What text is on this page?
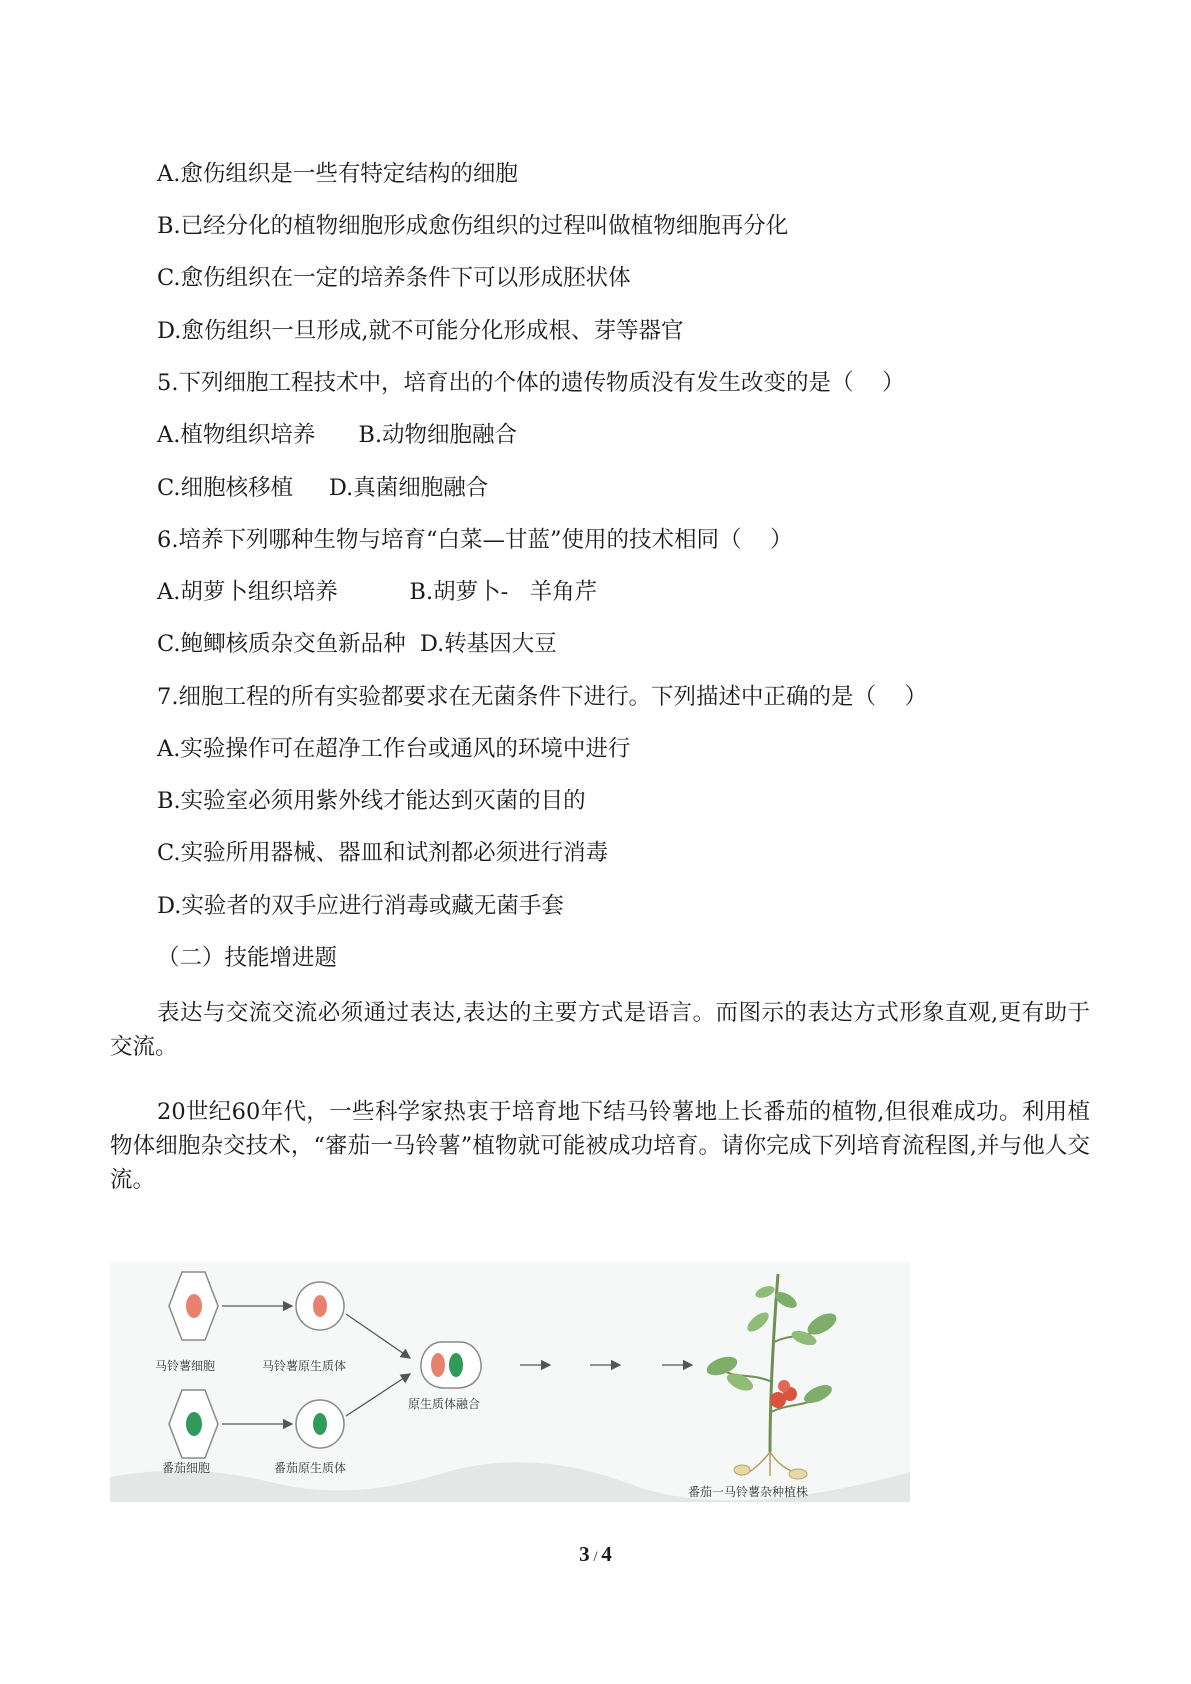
A.愈伤组织是一些有特定结构的细胞
B.已经分化的植物细胞形成愈伤组织的过程叫做植物细胞再分化
C.愈伤组织在一定的培养条件下可以形成胚状体
D.愈伤组织一旦形成,就不可能分化形成根、芽等器官
5.下列细胞工程技术中，培育出的个体的遗传物质没有发生改变的是（    ）
A.植物组织培养      B.动物细胞融合
C.细胞核移植     D.真菌细胞融合
6.培养下列哪种生物与培育“白菜—甘蓝”使用的技术相同（    ）
A.胡萝卜组织培养          B.胡萝卜-   羊角芹
C.鲍鲫核质杂交鱼新品种  D.转基因大豆
7.细胞工程的所有实验都要求在无菌条件下进行。下列描述中正确的是（    ）
A.实验操作可在超净工作台或通风的环境中进行
B.实验室必须用紫外线才能达到灭菌的目的
C.实验所用器械、器皿和试剂都必须进行消毒
D.实验者的双手应进行消毒或藏无菌手套
（二）技能增进题
表达与交流交流必须通过表达,表达的主要方式是语言。而图示的表达方式形象直观,更有助于交流。
20世纪60年代，一些科学家热衷于培育地下结马铃薯地上长番茄的植物,但很难成功。利用植物体细胞杂交技术，“審茄一马铃薯”植物就可能被成功培育。请你完成下列培育流程图,并与他人交流。
马铃薯细胞	马铃薯原生质体
番茄细胞	番茄原生质体
原生质体融合
番茄一马铃薯杂种植株
3 / 4
